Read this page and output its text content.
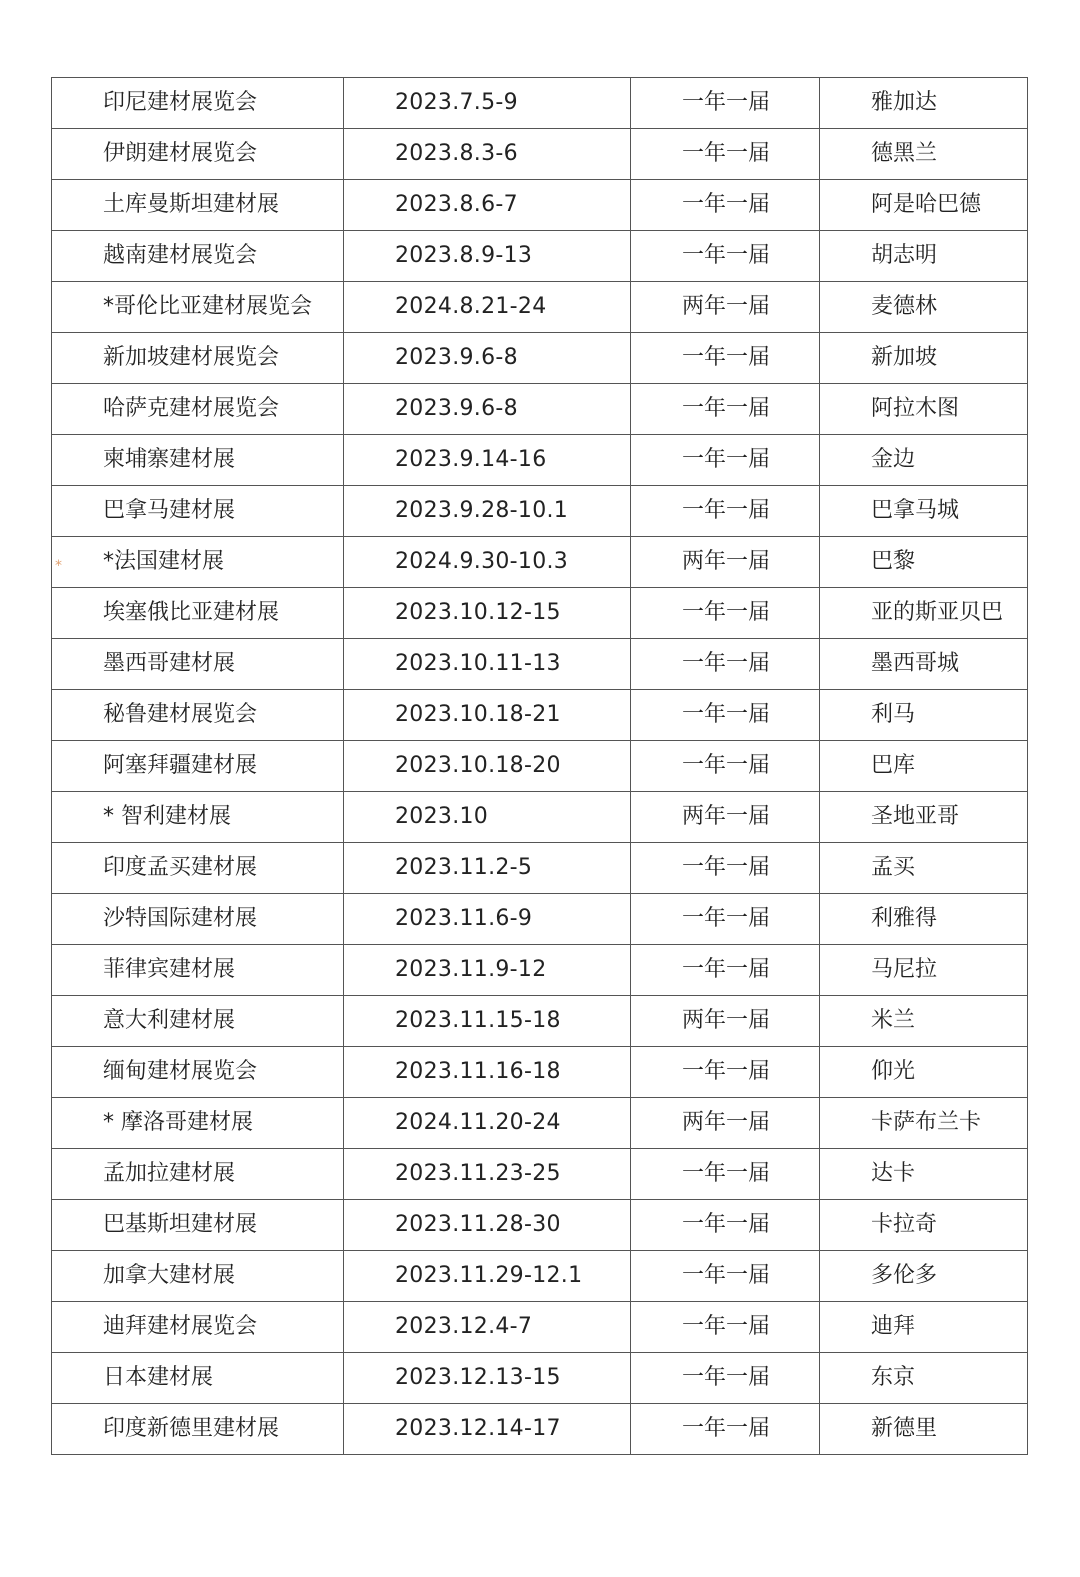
*
印尼建材展览会	2023.7.5-9	一年一届	雅加达
伊朗建材展览会	2023.8.3-6	一年一届	德黑兰
土库曼斯坦建材展	2023.8.6-7	一年一届	阿是哈巴德
越南建材展览会	2023.8.9-13	一年一届	胡志明
*哥伦比亚建材展览会	2024.8.21-24	两年一届	麦德林
新加坡建材展览会	2023.9.6-8	一年一届	新加坡
哈萨克建材展览会	2023.9.6-8	一年一届	阿拉木图
柬埔寨建材展	2023.9.14-16	一年一届	金边
巴拿马建材展	2023.9.28-10.1	一年一届	巴拿马城
*法国建材展	2024.9.30-10.3	两年一届	巴黎
埃塞俄比亚建材展	2023.10.12-15	一年一届	亚的斯亚贝巴
墨西哥建材展	2023.10.11-13	一年一届	墨西哥城
秘鲁建材展览会	2023.10.18-21	一年一届	利马
阿塞拜疆建材展	2023.10.18-20	一年一届	巴库
* 智利建材展	2023.10	两年一届	圣地亚哥
印度孟买建材展	2023.11.2-5	一年一届	孟买
沙特国际建材展	2023.11.6-9	一年一届	利雅得
菲律宾建材展	2023.11.9-12	一年一届	马尼拉
意大利建材展	2023.11.15-18	两年一届	米兰
缅甸建材展览会	2023.11.16-18	一年一届	仰光
* 摩洛哥建材展	2024.11.20-24	两年一届	卡萨布兰卡
孟加拉建材展	2023.11.23-25	一年一届	达卡
巴基斯坦建材展	2023.11.28-30	一年一届	卡拉奇
加拿大建材展	2023.11.29-12.1	一年一届	多伦多
迪拜建材展览会	2023.12.4-7	一年一届	迪拜
日本建材展	2023.12.13-15	一年一届	东京
印度新德里建材展	2023.12.14-17	一年一届	新德里
